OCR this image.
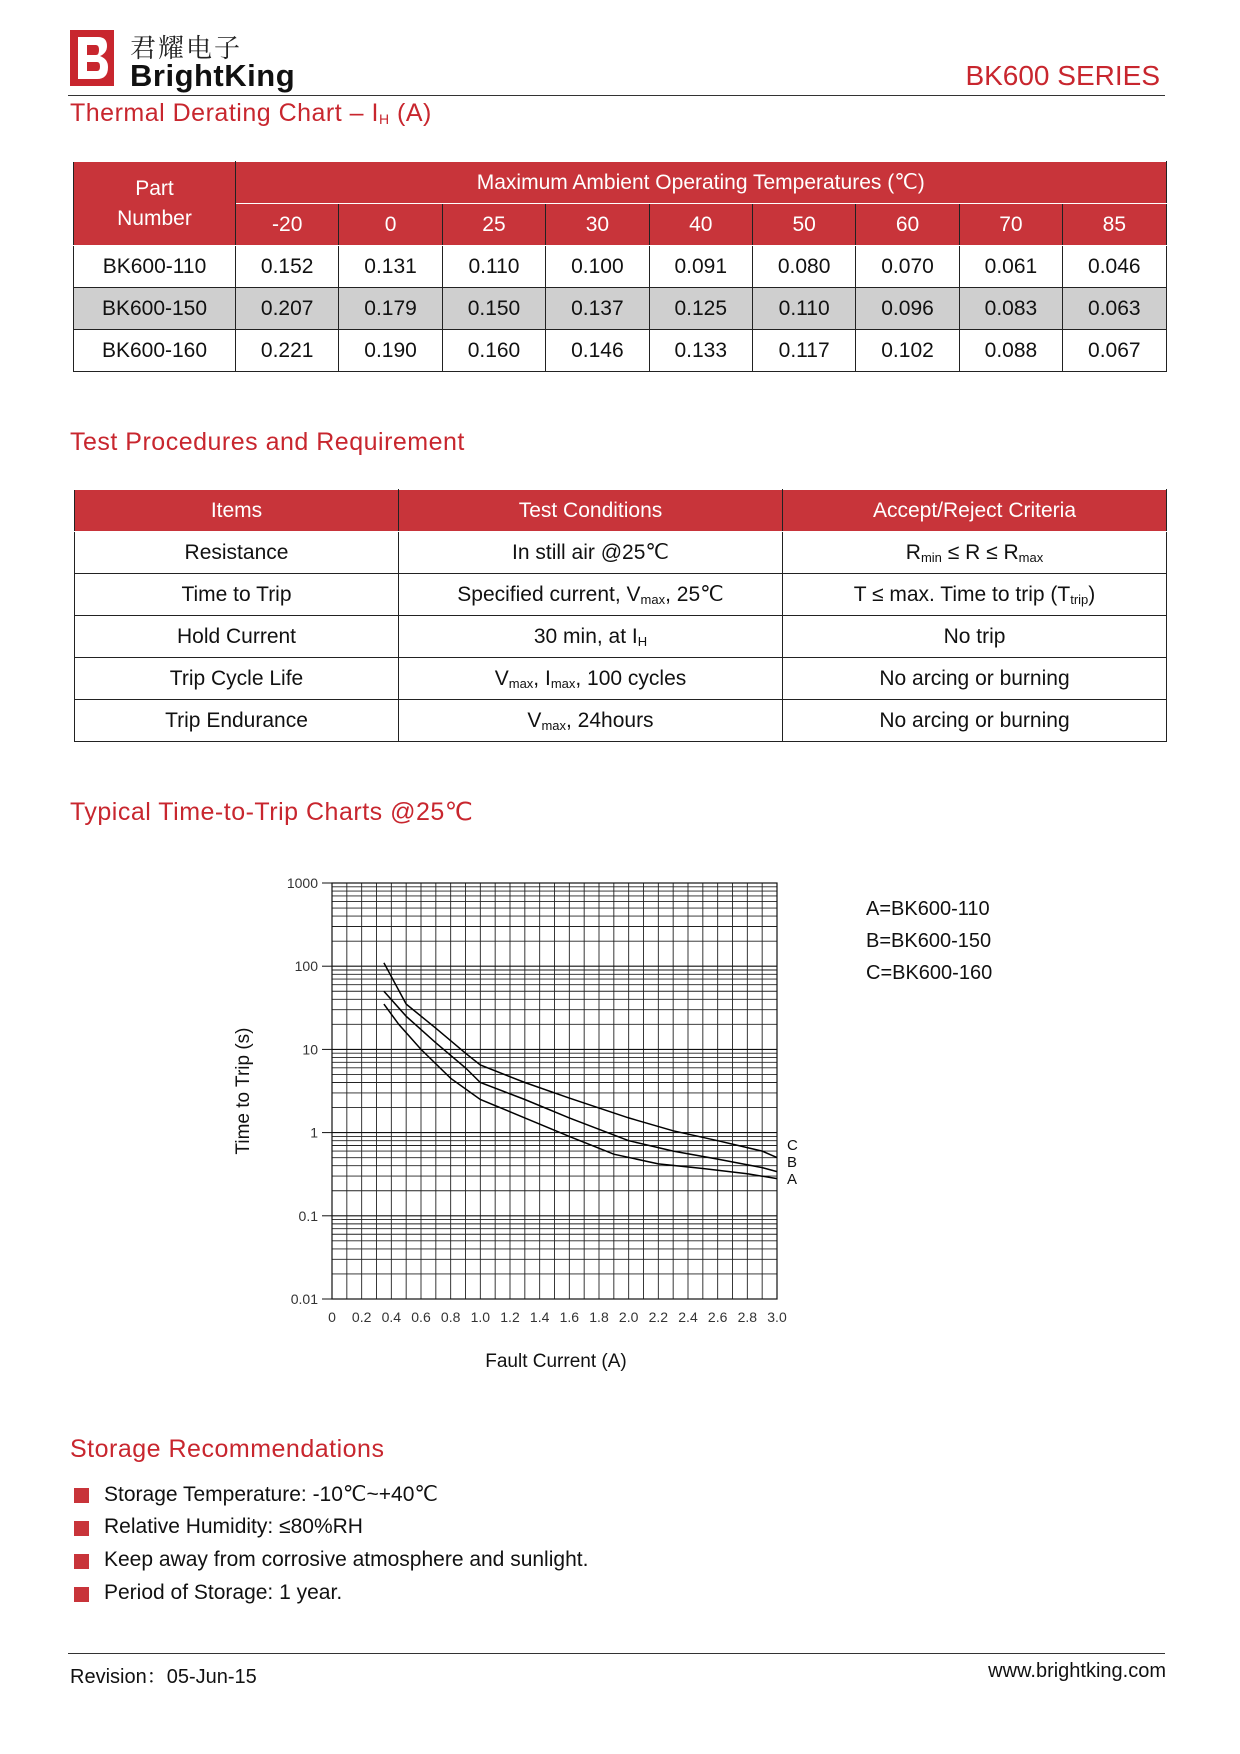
君耀电子
BrightKing	BK600 SERIES
Thermal Derating Chart – $I_H$ (A)
Part Number	Maximum Ambient Operating Temperatures (℃)								
	-20	0	25	30	40	50	60	70	85
BK600-110	0.152	0.131	0.110	0.100	0.091	0.080	0.070	0.061	0.046
BK600-150	0.207	0.179	0.150	0.137	0.125	0.110	0.096	0.083	0.063
BK600-160	0.221	0.190	0.160	0.146	0.133	0.117	0.102	0.088	0.067
Test Procedures and Requirement
Items	Test Conditions	Accept/Reject Criteria
Resistance	In still air @25℃	$R_{min} \le R \le R_{max}$
Time to Trip	Specified current, $V_{max}$, 25℃	T ≤ max. Time to trip $(T_{trip})$
Hold Current	30 min, at $I_H$	No trip
Trip Cycle Life	$V_{max}$, $I_{max}$, 100 cycles	No arcing or burning
Trip Endurance	$V_{max}$, 24hours	No arcing or burning
Typical Time-to-Trip Charts @25℃
1000
100
10
1
0.1
0.01
0 0.2 0.4 0.6 0.8 1.0 1.2 1.4 1.6 1.8 2.0 2.2 2.4 2.6 2.8 3.0
C
B
A
Fault Current (A)
Time to Trip (s)
A=BK600-110
B=BK600-150
C=BK600-160
Storage Recommendations
Storage Temperature: -10℃~+40℃
Relative Humidity: ≤80%RH
Keep away from corrosive atmosphere and sunlight.
Period of Storage: 1 year.
Revision：05-Jun-15	www.brightking.com
